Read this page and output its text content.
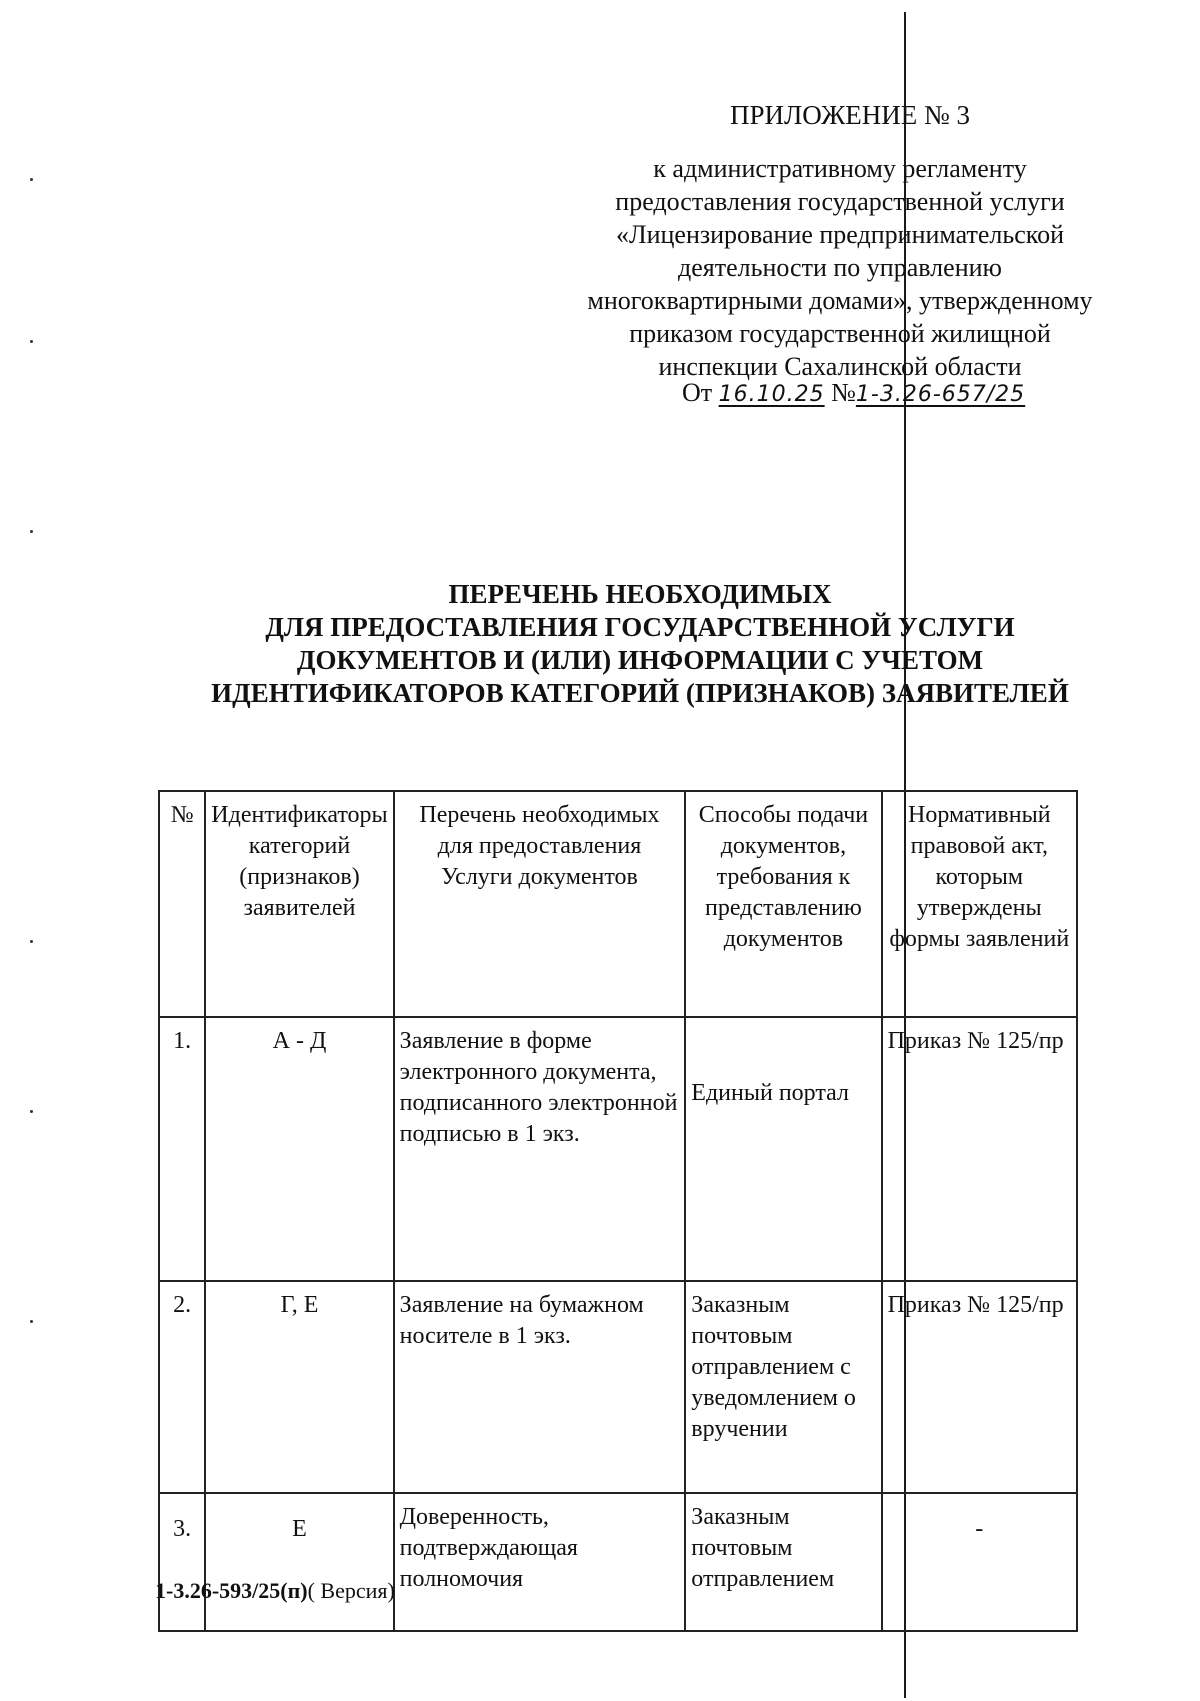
ПРИЛОЖЕНИЕ № 3
к административному регламенту
предоставления государственной услуги
«Лицензирование предпринимательской
деятельности по управлению
многоквартирными домами», утвержденному
приказом государственной жилищной
инспекции Сахалинской области
От 16.10.25 №1-3.26-657/25
ПЕРЕЧЕНЬ НЕОБХОДИМЫХ
ДЛЯ ПРЕДОСТАВЛЕНИЯ ГОСУДАРСТВЕННОЙ УСЛУГИ
ДОКУМЕНТОВ И (ИЛИ) ИНФОРМАЦИИ С УЧЕТОМ
ИДЕНТИФИКАТОРОВ КАТЕГОРИЙ (ПРИЗНАКОВ) ЗАЯВИТЕЛЕЙ
№	Идентификаторы категорий (признаков) заявителей	Перечень необходимых для предоставления Услуги документов	Способы подачи документов, требования к представлению документов	Нормативный правовой акт, которым утверждены формы заявлений
1.	А - Д	Заявление в форме электронного документа, подписанного электронной подписью в 1 экз.	Единый портал	Приказ № 125/пр
2.	Г, Е	Заявление на бумажном носителе в 1 экз.	Заказным почтовым отправлением с уведомлением о вручении	Приказ № 125/пр
3.	Е	Доверенность, подтверждающая полномочия	Заказным почтовым отправлением	-
1-3.26-593/25(п)( Версия)
